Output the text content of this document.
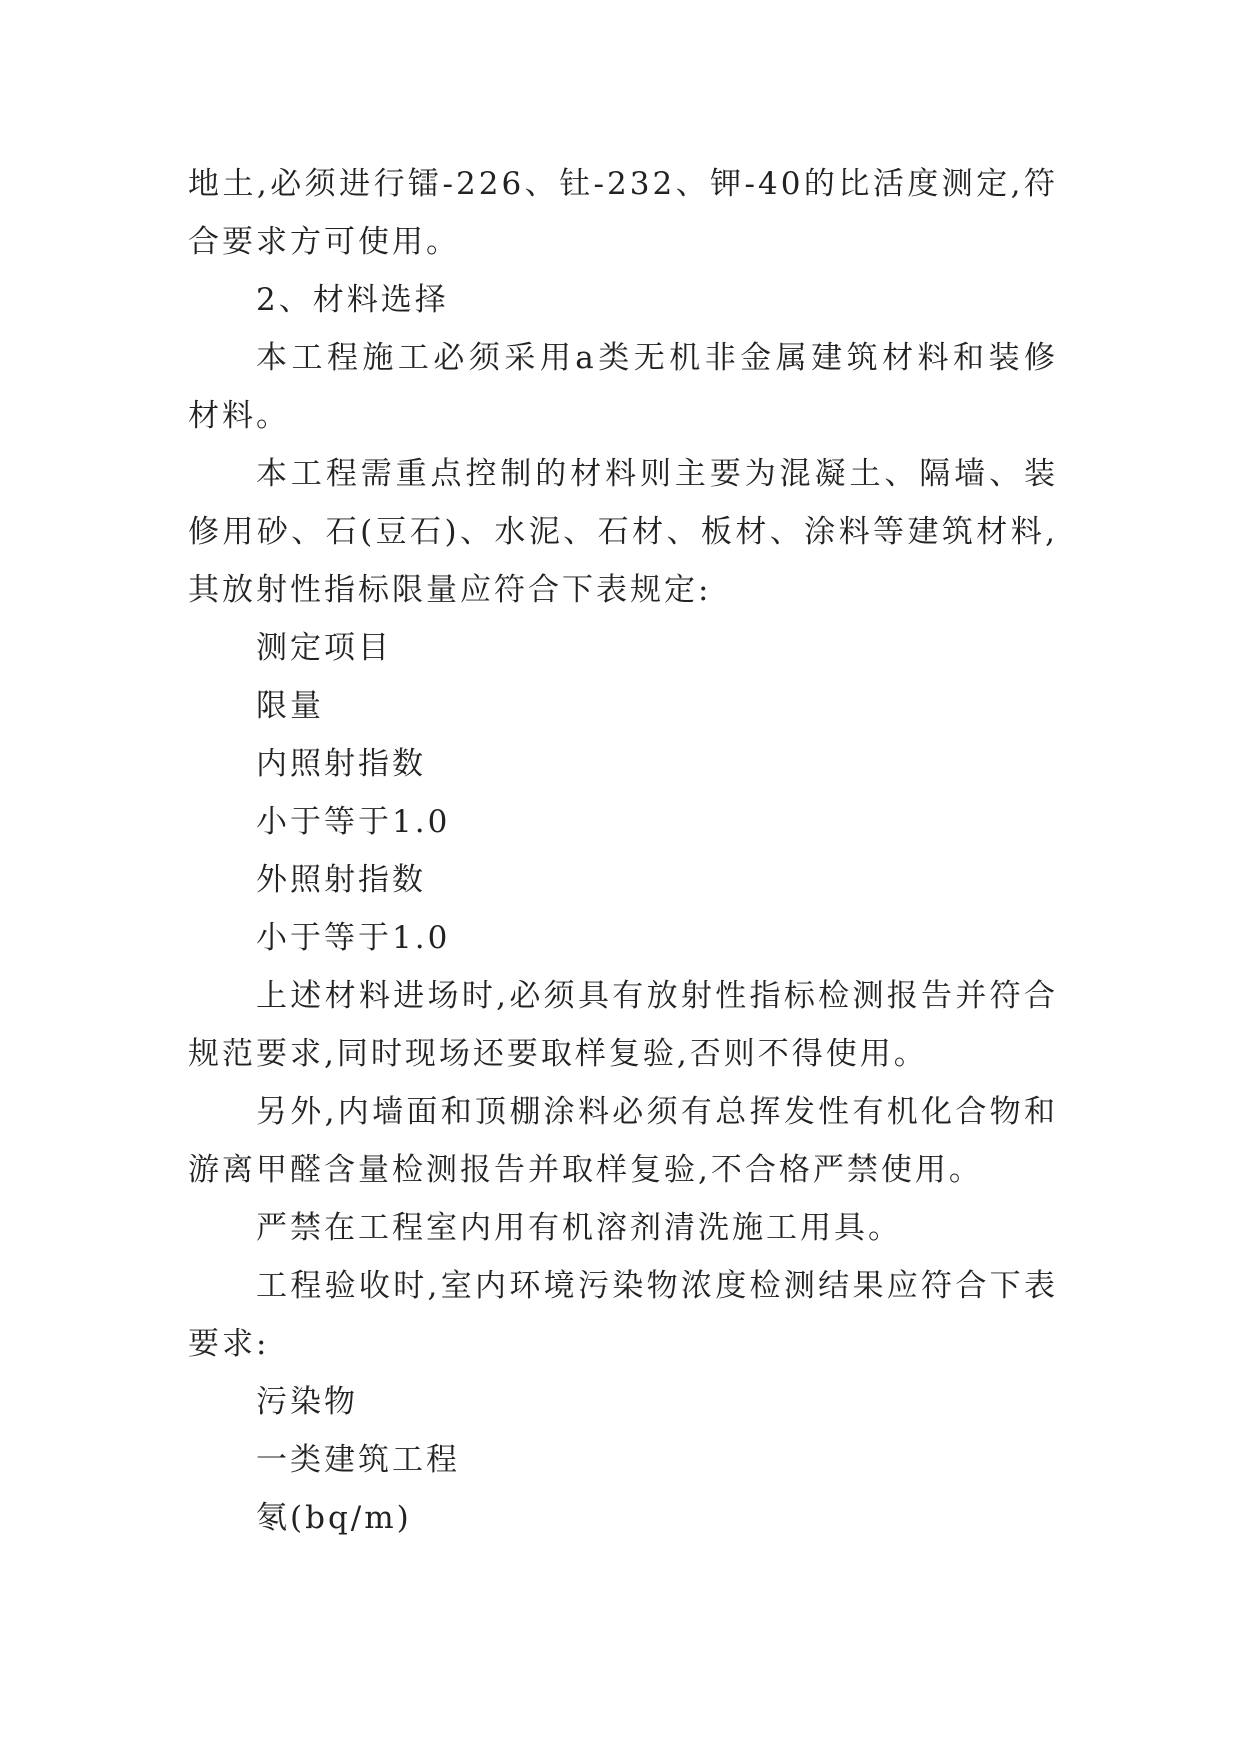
地土,必须进行镭-226、钍-232、钾-40的比活度测定,符合要求方可使用。

2、材料选择

本工程施工必须采用a类无机非金属建筑材料和装修材料。

本工程需重点控制的材料则主要为混凝土、隔墙、装修用砂、石(豆石)、水泥、石材、板材、涂料等建筑材料,其放射性指标限量应符合下表规定:

测定项目

限量

内照射指数

小于等于1.0

外照射指数

小于等于1.0

上述材料进场时,必须具有放射性指标检测报告并符合规范要求,同时现场还要取样复验,否则不得使用。

另外,内墙面和顶棚涂料必须有总挥发性有机化合物和游离甲醛含量检测报告并取样复验,不合格严禁使用。

严禁在工程室内用有机溶剂清洗施工用具。

工程验收时,室内环境污染物浓度检测结果应符合下表要求:

污染物

一类建筑工程

氡(bq/m)
